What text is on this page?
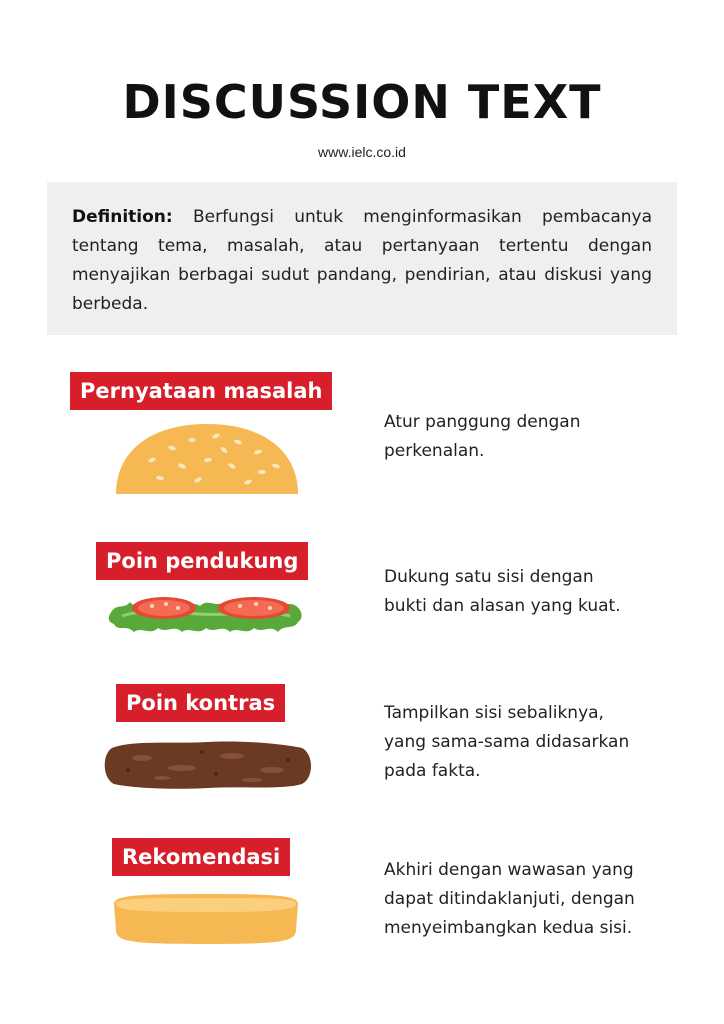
DISCUSSION TEXT
www.ielc.co.id
Definition: Berfungsi untuk menginformasikan pembacanya tentang tema, masalah, atau pertanyaan tertentu dengan menyajikan berbagai sudut pandang, pendirian, atau diskusi yang berbeda.
Pernyataan masalah
Atur panggung dengan
perkenalan.
Poin pendukung
Dukung satu sisi dengan
bukti dan alasan yang kuat.
Poin kontras	Tampilkan sisi sebaliknya,
yang sama-sama didasarkan
pada fakta.
Rekomendasi
Akhiri dengan wawasan yang
dapat ditindaklanjuti, dengan
menyeimbangkan kedua sisi.
